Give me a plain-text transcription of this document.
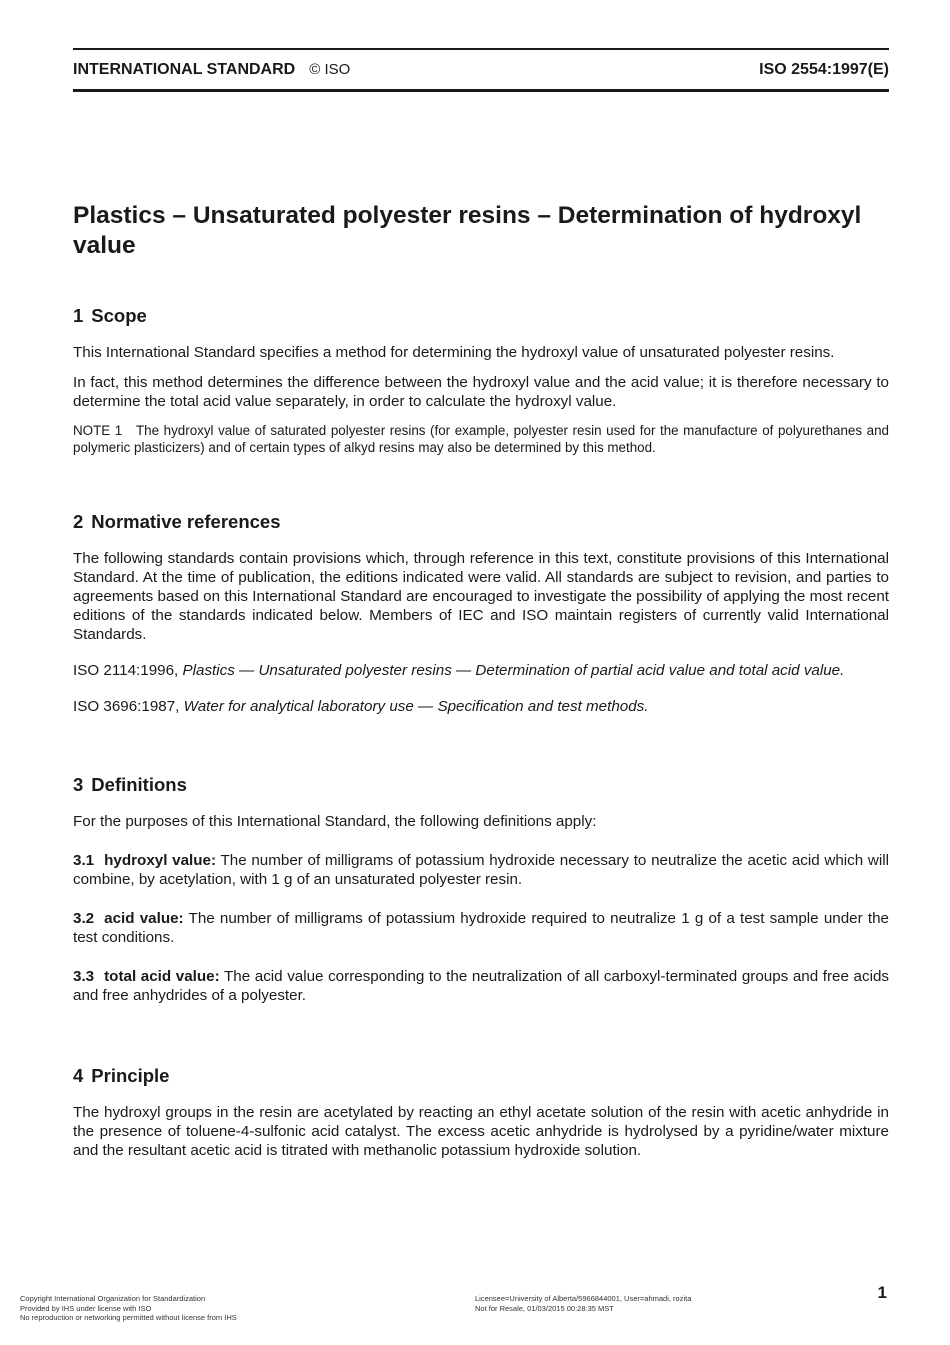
INTERNATIONAL STANDARD © ISO	ISO 2554:1997(E)
Plastics – Unsaturated polyester resins – Determination of hydroxyl value
1 Scope

This International Standard specifies a method for determining the hydroxyl value of unsaturated polyester resins.

In fact, this method determines the difference between the hydroxyl value and the acid value; it is therefore necessary to determine the total acid value separately, in order to calculate the hydroxyl value.

NOTE 1 The hydroxyl value of saturated polyester resins (for example, polyester resin used for the manufacture of polyurethanes and polymeric plasticizers) and of certain types of alkyd resins may also be determined by this method.

2 Normative references

The following standards contain provisions which, through reference in this text, constitute provisions of this International Standard. At the time of publication, the editions indicated were valid. All standards are subject to revision, and parties to agreements based on this International Standard are encouraged to investigate the possibility of applying the most recent editions of the standards indicated below. Members of IEC and ISO maintain registers of currently valid International Standards.

ISO 2114:1996, Plastics — Unsaturated polyester resins — Determination of partial acid value and total acid value.

ISO 3696:1987, Water for analytical laboratory use — Specification and test methods.

3 Definitions

For the purposes of this International Standard, the following definitions apply:

3.1 hydroxyl value: The number of milligrams of potassium hydroxide necessary to neutralize the acetic acid which will combine, by acetylation, with 1 g of an unsaturated polyester resin.

3.2 acid value: The number of milligrams of potassium hydroxide required to neutralize 1 g of a test sample under the test conditions.

3.3 total acid value: The acid value corresponding to the neutralization of all carboxyl-terminated groups and free acids and free anhydrides of a polyester.

4 Principle

The hydroxyl groups in the resin are acetylated by reacting an ethyl acetate solution of the resin with acetic anhydride in the presence of toluene-4-sulfonic acid catalyst. The excess acetic anhydride is hydrolysed by a pyridine/water mixture and the resultant acetic acid is titrated with methanolic potassium hydroxide solution.

1
Copyright International Organization for Standardization
Provided by IHS under license with ISO
No reproduction or networking permitted without license from IHS
Licensee=University of Alberta/5966844001, User=ahmadi, rozita
Not for Resale, 01/03/2015 00:28:35 MST
